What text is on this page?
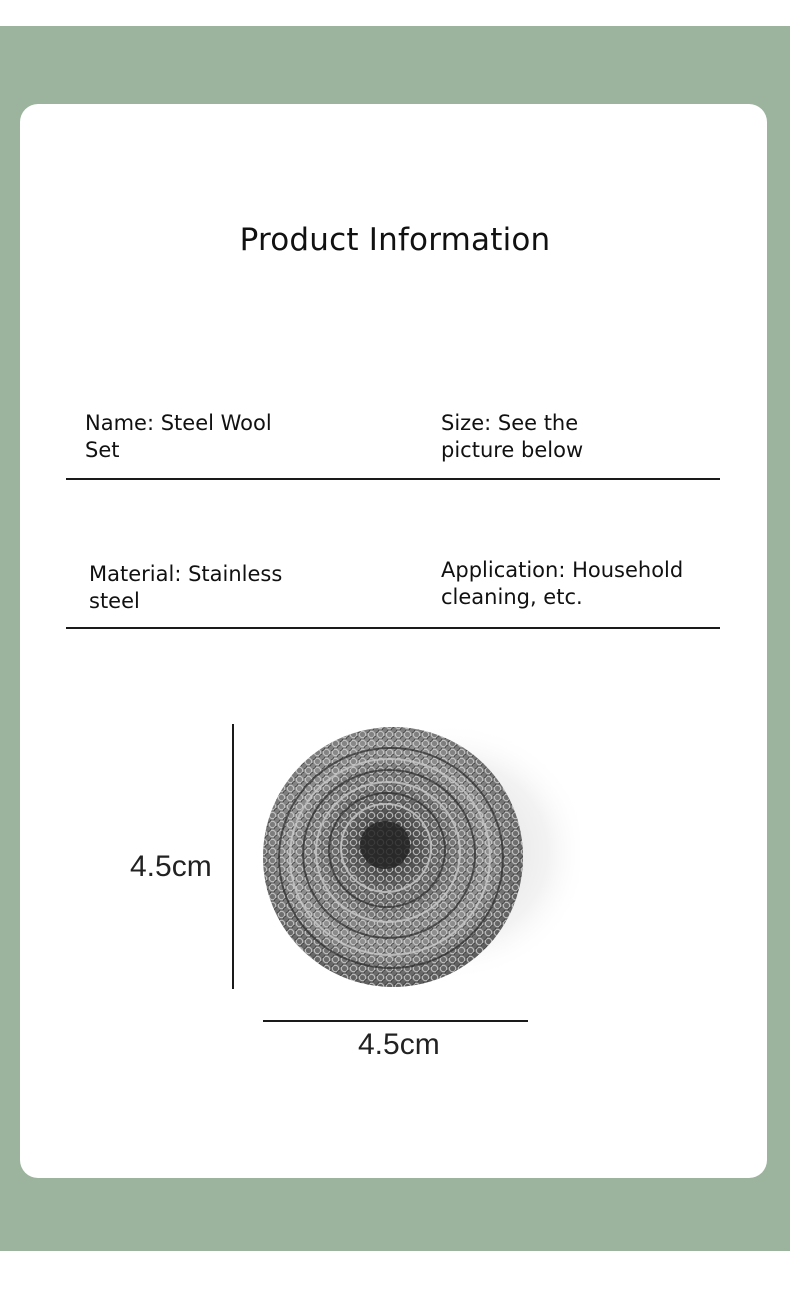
Product Information

Name: Steel Wool
Set

Size: See the
picture below

Material: Stainless
steel

Application: Household
cleaning, etc.

4.5cm

4.5cm
